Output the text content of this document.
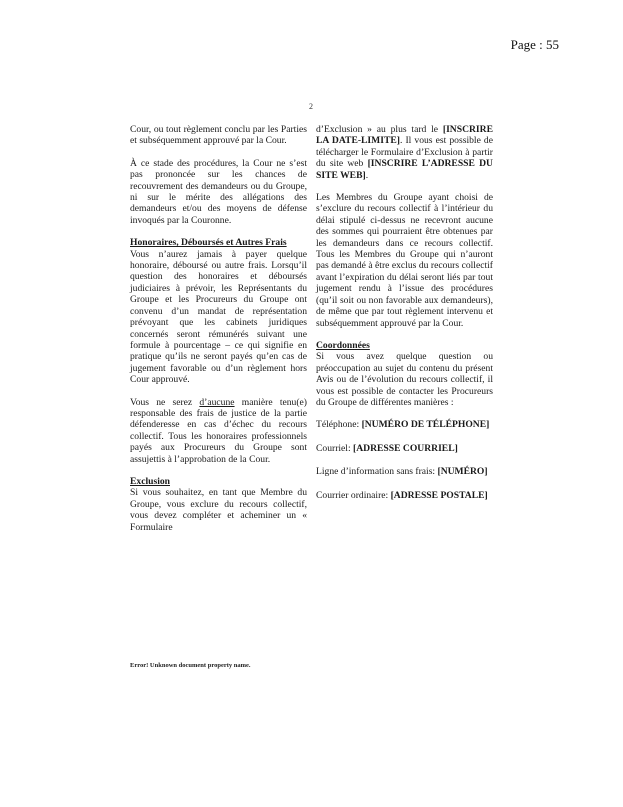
Page : 55
2

Cour, ou tout règlement conclu par les Parties et subséquemment approuvé par la Cour.

À ce stade des procédures, la Cour ne s’est pas prononcée sur les chances de recouvrement des demandeurs ou du Groupe, ni sur le mérite des allégations des demandeurs et/ou des moyens de défense invoqués par la Couronne.

Honoraires, Déboursés et Autres Frais

Vous n’aurez jamais à payer quelque honoraire, déboursé ou autre frais. Lorsqu’il question des honoraires et déboursés judiciaires à prévoir, les Représentants du Groupe et les Procureurs du Groupe ont convenu d’un mandat de représentation prévoyant que les cabinets juridiques concernés seront rémunérés suivant une formule à pourcentage – ce qui signifie en pratique qu’ils ne seront payés qu’en cas de jugement favorable ou d’un règlement hors Cour approuvé.

Vous ne serez d’aucune manière tenu(e) responsable des frais de justice de la partie défenderesse en cas d’échec du recours collectif. Tous les honoraires professionnels payés aux Procureurs du Groupe sont assujettis à l’approbation de la Cour.

Exclusion

Si vous souhaitez, en tant que Membre du Groupe, vous exclure du recours collectif, vous devez compléter et acheminer un « Formulaire

d’Exclusion » au plus tard le [INSCRIRE LA DATE-LIMITE]. Il vous est possible de télécharger le Formulaire d’Exclusion à partir du site web [INSCRIRE L’ADRESSE DU SITE WEB].

Les Membres du Groupe ayant choisi de s’exclure du recours collectif à l’intérieur du délai stipulé ci-dessus ne recevront aucune des sommes qui pourraient être obtenues par les demandeurs dans ce recours collectif. Tous les Membres du Groupe qui n’auront pas demandé à être exclus du recours collectif avant l’expiration du délai seront liés par tout jugement rendu à l’issue des procédures (qu’il soit ou non favorable aux demandeurs), de même que par tout règlement intervenu et subséquemment approuvé par la Cour.

Coordonnées

Si vous avez quelque question ou préoccupation au sujet du contenu du présent Avis ou de l’évolution du recours collectif, il vous est possible de contacter les Procureurs du Groupe de différentes manières :

Téléphone: [NUMÉRO DE TÉLÉPHONE]

Courriel: [ADRESSE COURRIEL]

Ligne d’information sans frais: [NUMÉRO]

Courrier ordinaire: [ADRESSE POSTALE]

Error! Unknown document property name.
